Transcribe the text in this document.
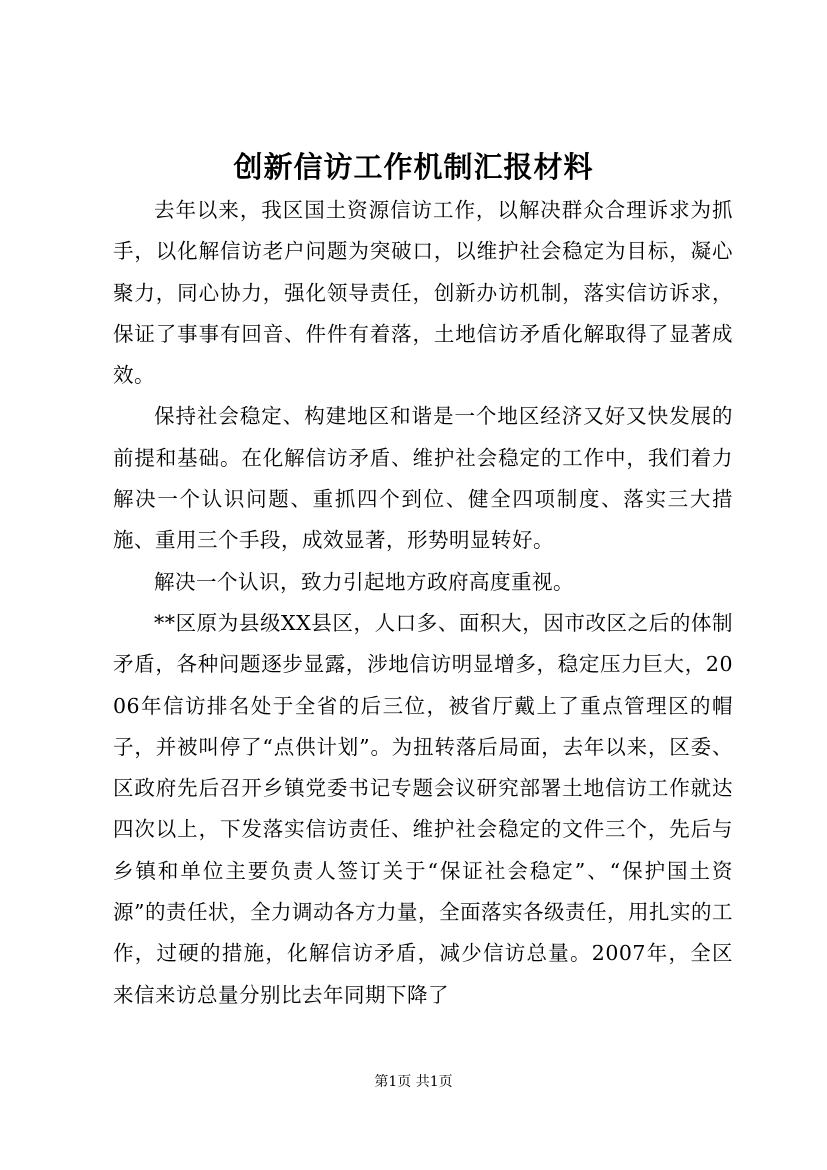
创新信访工作机制汇报材料

去年以来，我区国土资源信访工作，以解决群众合理诉求为抓手，以化解信访老户问题为突破口，以维护社会稳定为目标，凝心聚力，同心协力，强化领导责任，创新办访机制，落实信访诉求，保证了事事有回音、件件有着落，土地信访矛盾化解取得了显著成效。

保持社会稳定、构建地区和谐是一个地区经济又好又快发展的前提和基础。在化解信访矛盾、维护社会稳定的工作中，我们着力解决一个认识问题、重抓四个到位、健全四项制度、落实三大措施、重用三个手段，成效显著，形势明显转好。

解决一个认识，致力引起地方政府高度重视。

**区原为县级XX县区，人口多、面积大，因市改区之后的体制矛盾，各种问题逐步显露，涉地信访明显增多，稳定压力巨大，2006年信访排名处于全省的后三位，被省厅戴上了重点管理区的帽子，并被叫停了“点供计划”。为扭转落后局面，去年以来，区委、区政府先后召开乡镇党委书记专题会议研究部署土地信访工作就达四次以上，下发落实信访责任、维护社会稳定的文件三个，先后与乡镇和单位主要负责人签订关于“保证社会稳定”、“保护国土资源”的责任状，全力调动各方力量，全面落实各级责任，用扎实的工作，过硬的措施，化解信访矛盾，减少信访总量。2007年，全区来信来访总量分别比去年同期下降了

第1页 共1页
